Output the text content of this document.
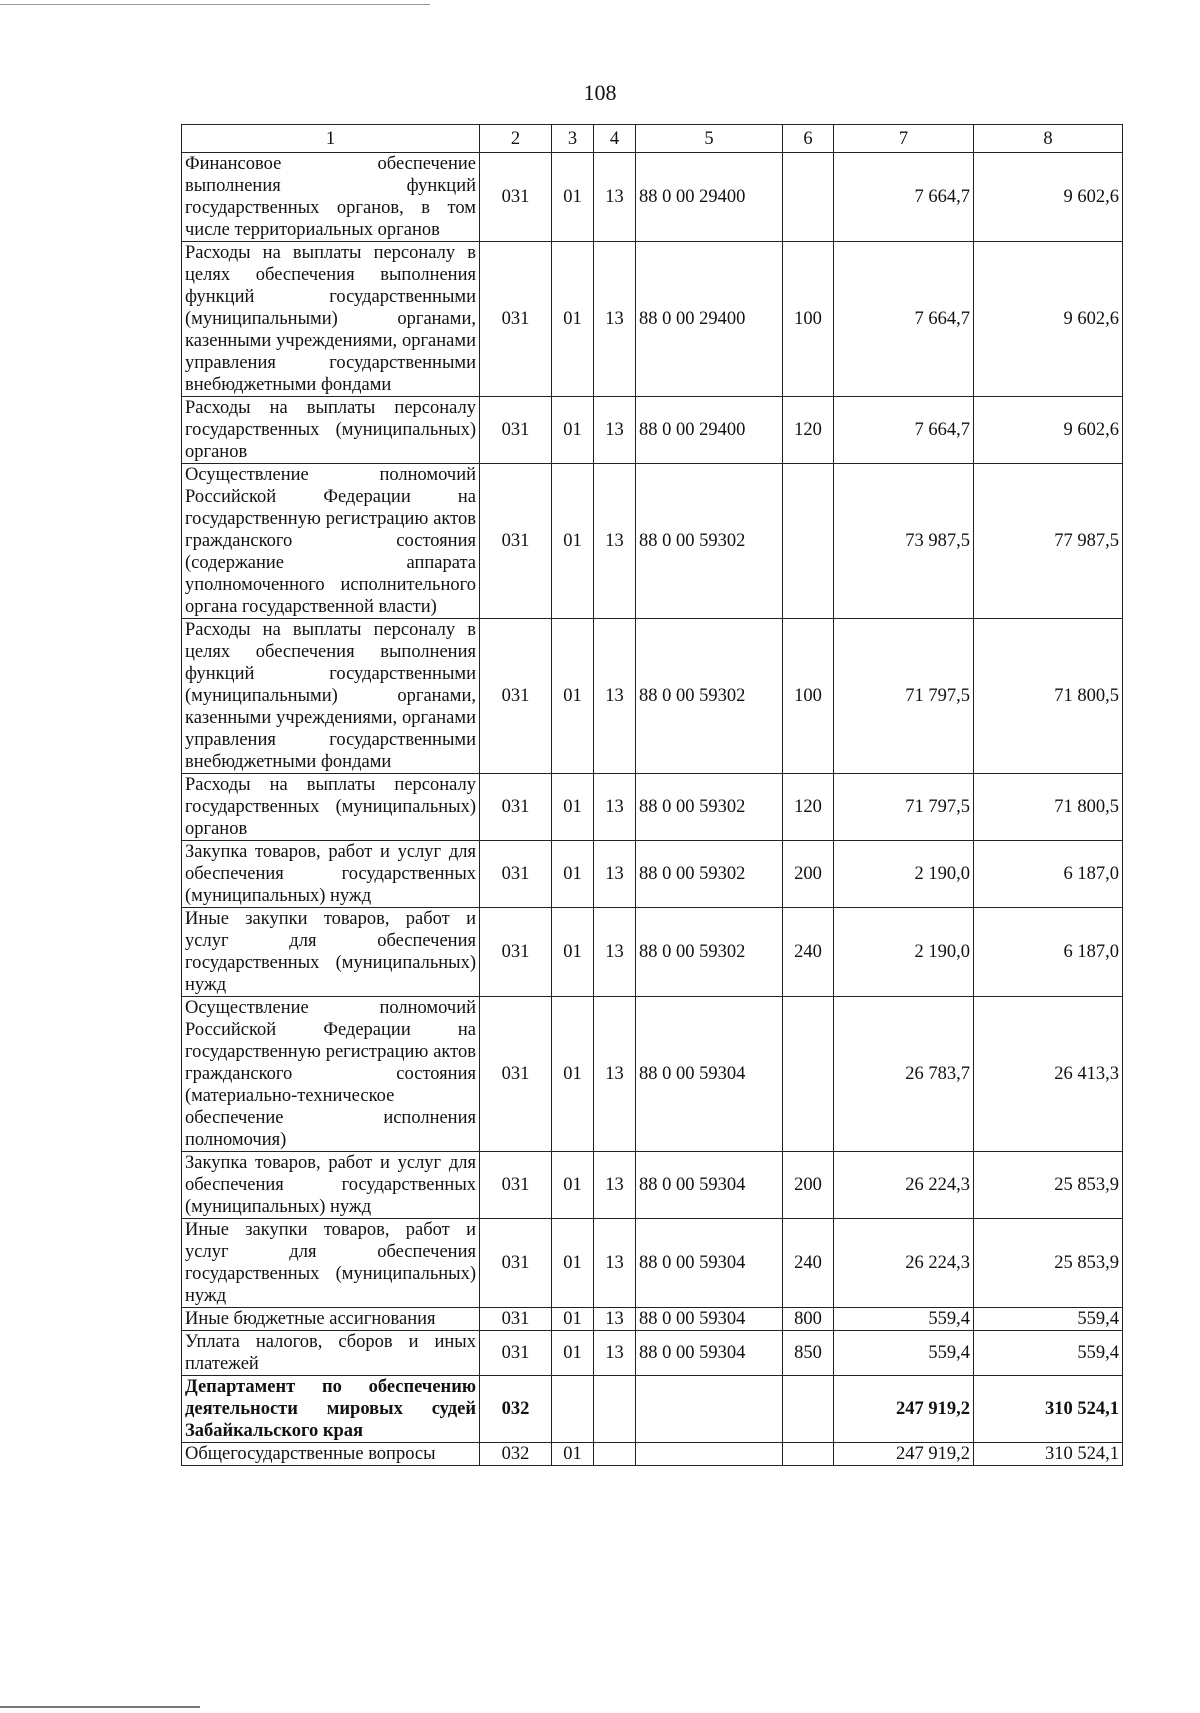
108
1	2	3	4	5	6	7	8
Финансовое обеспечение выполнения функций государственных органов, в том числе территориальных органов	031	01	13	88 0 00 29400		7 664,7	9 602,6
Расходы на выплаты персоналу в целях обеспечения выполнения функций государственными (муниципальными) органами, казенными учреждениями, органами управления государственными внебюджетными фондами	031	01	13	88 0 00 29400	100	7 664,7	9 602,6
Расходы на выплаты персоналу государственных (муниципальных) органов	031	01	13	88 0 00 29400	120	7 664,7	9 602,6
Осуществление полномочий Российской Федерации на государственную регистрацию актов гражданского состояния (содержание аппарата уполномоченного исполнительного органа государственной власти)	031	01	13	88 0 00 59302		73 987,5	77 987,5
Расходы на выплаты персоналу в целях обеспечения выполнения функций государственными (муниципальными) органами, казенными учреждениями, органами управления государственными внебюджетными фондами	031	01	13	88 0 00 59302	100	71 797,5	71 800,5
Расходы на выплаты персоналу государственных (муниципальных) органов	031	01	13	88 0 00 59302	120	71 797,5	71 800,5
Закупка товаров, работ и услуг для обеспечения государственных (муниципальных) нужд	031	01	13	88 0 00 59302	200	2 190,0	6 187,0
Иные закупки товаров, работ и услуг для обеспечения государственных (муниципальных) нужд	031	01	13	88 0 00 59302	240	2 190,0	6 187,0
Осуществление полномочий Российской Федерации на государственную регистрацию актов гражданского состояния (материально-техническое обеспечение исполнения полномочия)	031	01	13	88 0 00 59304		26 783,7	26 413,3
Закупка товаров, работ и услуг для обеспечения государственных (муниципальных) нужд	031	01	13	88 0 00 59304	200	26 224,3	25 853,9
Иные закупки товаров, работ и услуг для обеспечения государственных (муниципальных) нужд	031	01	13	88 0 00 59304	240	26 224,3	25 853,9
Иные бюджетные ассигнования	031	01	13	88 0 00 59304	800	559,4	559,4
Уплата налогов, сборов и иных платежей	031	01	13	88 0 00 59304	850	559,4	559,4
Департамент по обеспечению деятельности мировых судей Забайкальского края	032					247 919,2	310 524,1
Общегосударственные вопросы	032	01				247 919,2	310 524,1
